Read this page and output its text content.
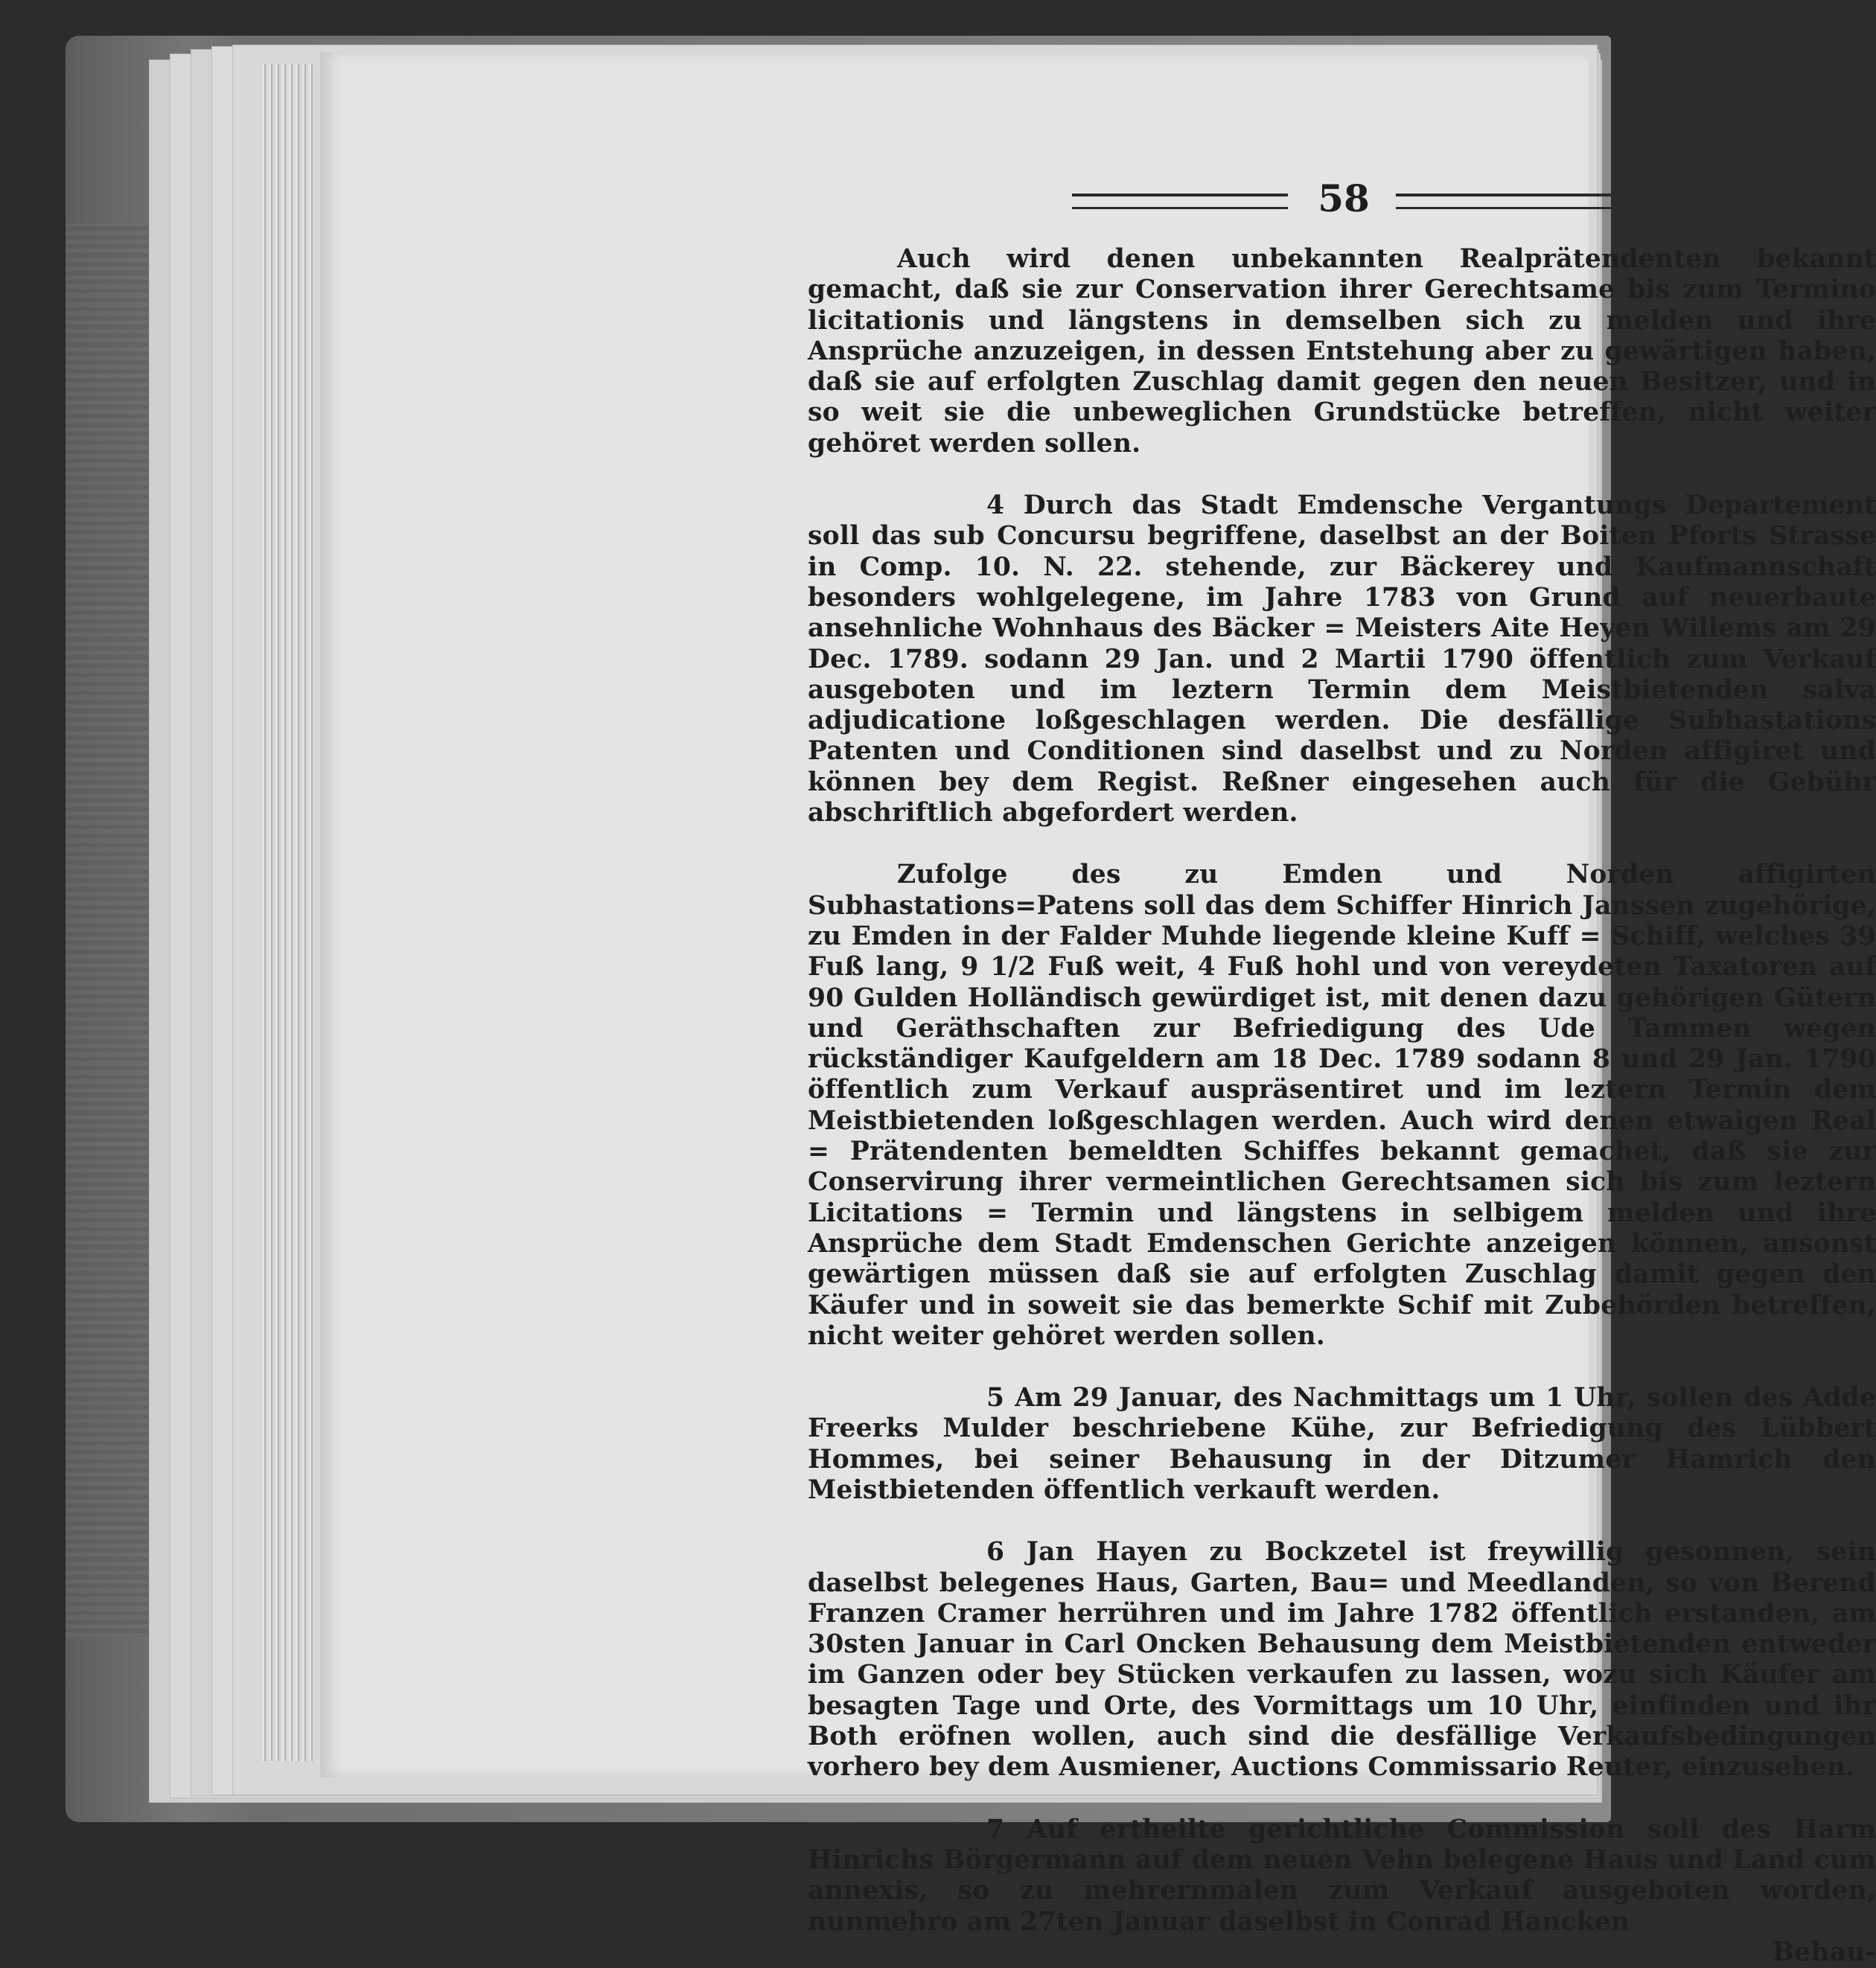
58

Auch wird denen unbekannten Realprätendenten bekannt gemacht, daß sie zur Conservation ihrer Gerechtsame bis zum Termino licitationis und längstens in demselben sich zu melden und ihre Ansprüche anzuzeigen, in dessen Entstehung aber zu gewärtigen haben, daß sie auf erfolgten Zuschlag damit gegen den neuen Besitzer, und in so weit sie die unbeweglichen Grundstücke betreffen, nicht weiter gehöret werden sollen.

4 Durch das Stadt Emdensche Vergantungs Departement soll das sub Concursu begriffene, daselbst an der Boiten Pforts Strasse in Comp. 10. N. 22. stehende, zur Bäckerey und Kaufmannschaft besonders wohlgelegene, im Jahre 1783 von Grund auf neuerbaute ansehnliche Wohnhaus des Bäcker = Meisters Aite Heyen Willems am 29 Dec. 1789. sodann 29 Jan. und 2 Martii 1790 öffentlich zum Verkauf ausgeboten und im leztern Termin dem Meistbietenden salva adjudicatione loßgeschlagen werden. Die desfällige Subhastations Patenten und Conditionen sind daselbst und zu Norden affigiret und können bey dem Regist. Reßner eingesehen auch für die Gebühr abschriftlich abgefordert werden.

Zufolge des zu Emden und Norden affigirten Subhastations=Patens soll das dem Schiffer Hinrich Janssen zugehörige, zu Emden in der Falder Muhde liegende kleine Kuff = Schiff, welches 39 Fuß lang, 9 1/2 Fuß weit, 4 Fuß hohl und von vereydeten Taxatoren auf 90 Gulden Holländisch gewürdiget ist, mit denen dazu gehörigen Gütern und Geräthschaften zur Befriedigung des Ude Tammen wegen rückständiger Kaufgeldern am 18 Dec. 1789 sodann 8 und 29 Jan. 1790 öffentlich zum Verkauf auspräsentiret und im leztern Termin dem Meistbietenden loßgeschlagen werden. Auch wird denen etwaigen Real = Prätendenten bemeldten Schiffes bekannt gemachet, daß sie zur Conservirung ihrer vermeintlichen Gerechtsamen sich bis zum leztern Licitations = Termin und längstens in selbigem melden und ihre Ansprüche dem Stadt Emdenschen Gerichte anzeigen können, ansonst gewärtigen müssen daß sie auf erfolgten Zuschlag damit gegen den Käufer und in soweit sie das bemerkte Schif mit Zubehörden betreffen, nicht weiter gehöret werden sollen.

5 Am 29 Januar, des Nachmittags um 1 Uhr, sollen des Adde Freerks Mulder beschriebene Kühe, zur Befriedigung des Lübbert Hommes, bei seiner Behausung in der Ditzumer Hamrich den Meistbietenden öffentlich verkauft werden.

6 Jan Hayen zu Bockzetel ist freywillig gesonnen, sein daselbst belegenes Haus, Garten, Bau= und Meedlanden, so von Berend Franzen Cramer herrühren und im Jahre 1782 öffentlich erstanden, am 30sten Januar in Carl Oncken Behausung dem Meistbietenden entweder im Ganzen oder bey Stücken verkaufen zu lassen, wozu sich Käufer am besagten Tage und Orte, des Vormittags um 10 Uhr, einfinden und ihr Both eröfnen wollen, auch sind die desfällige Verkaufsbedingungen vorhero bey dem Ausmiener, Auctions Commissario Reuter, einzusehen.

7 Auf ertheilte gerichtliche Commission soll des Harm Hinrichs Börgermann auf dem neuen Vehn belegene Haus und Land cum annexis, so zu mehrernmalen zum Verkauf ausgeboten worden, nunmehro am 27ten Januar daselbst in Conrad Hancken
Behau-
